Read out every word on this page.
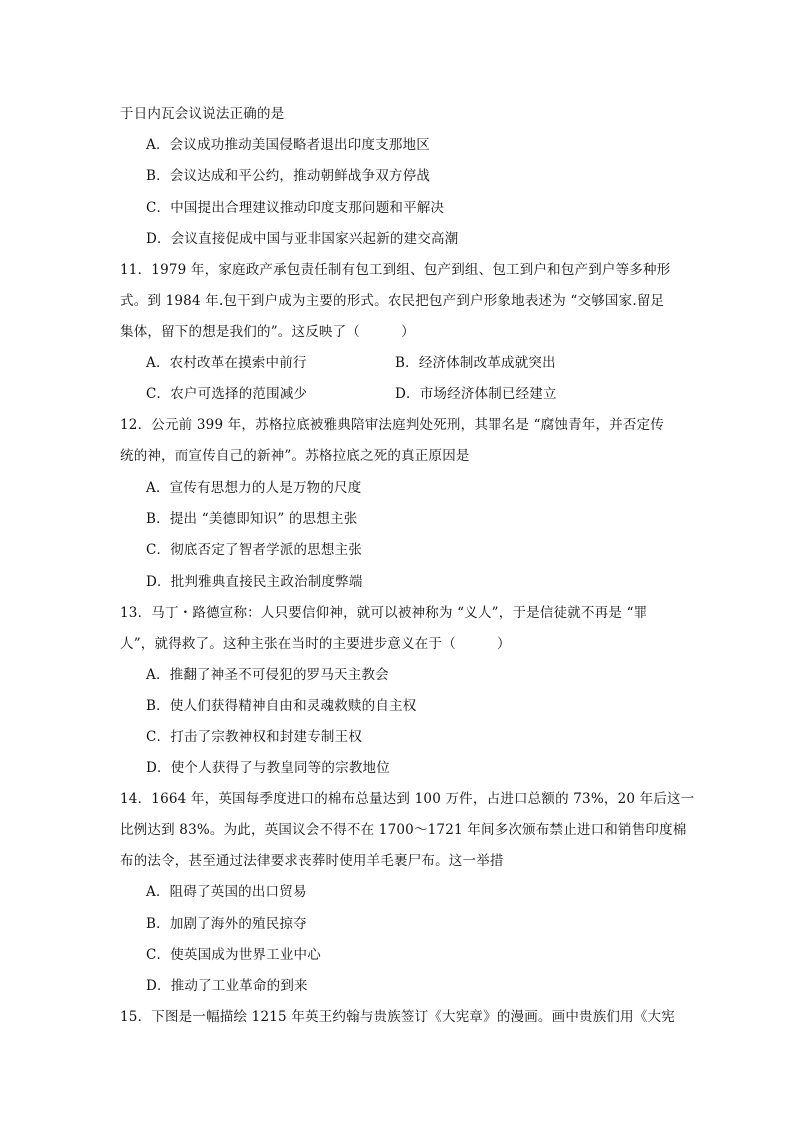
于日内瓦会议说法正确的是
A．会议成功推动美国侵略者退出印度支那地区
B．会议达成和平公约，推动朝鲜战争双方停战
C．中国提出合理建议推动印度支那问题和平解决
D．会议直接促成中国与亚非国家兴起新的建交高潮
11．1979 年，家庭政产承包责任制有包工到组、包产到组、包工到户和包产到户等多种形
式。到 1984 年.包干到户成为主要的形式。农民把包产到户形象地表述为 “交够国家.留足
集体，留下的想是我们的”。这反映了（　　　）
A．农村改革在摸索中前行	B．经济体制改革成就突出
C．农户可选择的范围减少	D．市场经济体制已经建立
12．公元前 399 年，苏格拉底被雅典陪审法庭判处死刑，其罪名是 “腐蚀青年，并否定传
统的神，而宣传自己的新神”。苏格拉底之死的真正原因是
A．宣传有思想力的人是万物的尺度
B．提出 “美德即知识” 的思想主张
C．彻底否定了智者学派的思想主张
D．批判雅典直接民主政治制度弊端
13．马丁・路德宣称：人只要信仰神，就可以被神称为 “义人”，于是信徒就不再是 “罪
人”，就得救了。这种主张在当时的主要进步意义在于（　　　）
A．推翻了神圣不可侵犯的罗马天主教会
B．使人们获得精神自由和灵魂救赎的自主权
C．打击了宗教神权和封建专制王权
D．使个人获得了与教皇同等的宗教地位
14．1664 年，英国每季度进口的棉布总量达到 100 万件，占进口总额的 73%，20 年后这一
比例达到 83%。为此，英国议会不得不在 1700～1721 年间多次颁布禁止进口和销售印度棉
布的法令，甚至通过法律要求丧葬时使用羊毛裹尸布。这一举措
A．阻碍了英国的出口贸易
B．加剧了海外的殖民掠夺
C．使英国成为世界工业中心
D．推动了工业革命的到来
15．下图是一幅描绘 1215 年英王约翰与贵族签订《大宪章》的漫画。画中贵族们用《大宪
